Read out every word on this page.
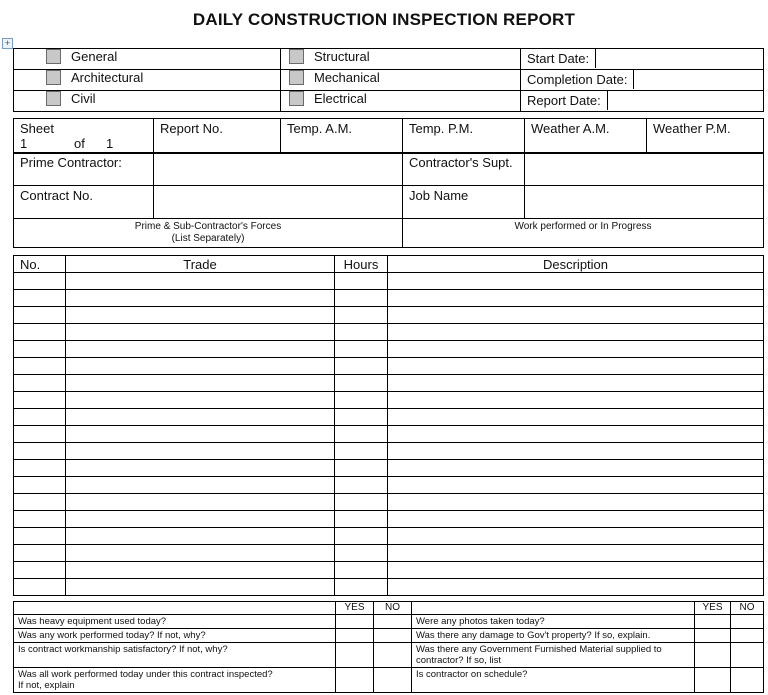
DAILY CONSTRUCTION INSPECTION REPORT
+
General	Structural	Start Date:

Architectural	Mechanical	Completion Date:

Civil	Electrical	Report Date:
Sheet
1	of	1
	Report No.	Temp. A.M.	Temp. P.M.	Weather A.M.	Weather P.M.
Prime Contractor:		Contractor's Supt.	
Contract No.		Job Name	
Prime & Sub-Contractor's Forces
(List Separately)
	Work performed or In Progress
No.	Trade	Hours	Description

	YES	NO		YES	NO
Was heavy equipment used today?			Were any photos taken today?		
Was any work performed today? If not, why?			Was there any damage to Gov't property? If so, explain.		
Is contract workmanship satisfactory? If not, why?			Was there any Government Furnished Material supplied to
contractor? If so, list		
Was all work performed today under this contract inspected?
If not, explain			Is contractor on schedule?		
